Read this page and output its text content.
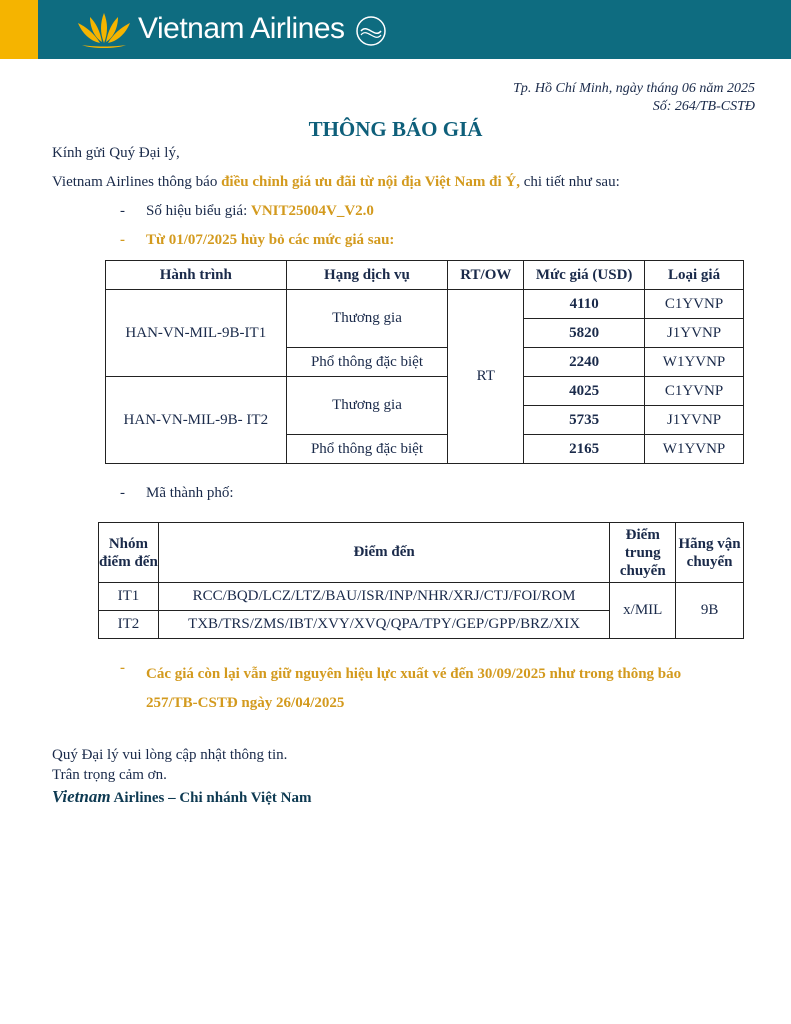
Vietnam Airlines
Tp. Hồ Chí Minh, ngày tháng 06 năm 2025
Số: 264/TB-CSTĐ
THÔNG BÁO GIÁ
Kính gửi Quý Đại lý,
Vietnam Airlines thông báo điều chỉnh giá ưu đãi từ nội địa Việt Nam đi Ý, chi tiết như sau:
- Số hiệu biểu giá: VNIT25004V_V2.0
- Từ 01/07/2025 hủy bỏ các mức giá sau:
Hành trình	Hạng dịch vụ	RT/OW	Mức giá (USD)	Loại giá
HAN-VN-MIL-9B-IT1	Thương gia	RT	4110	C1YVNP
			5820	J1YVNP
	Phổ thông đặc biệt		2240	W1YVNP
HAN-VN-MIL-9B- IT2	Thương gia		4025	C1YVNP
			5735	J1YVNP
	Phổ thông đặc biệt		2165	W1YVNP
- Mã thành phố:
Nhóm điểm đến	Điểm đến	Điểm trung chuyển	Hãng vận chuyển
IT1	RCC/BQD/LCZ/LTZ/BAU/ISR/INP/NHR/XRJ/CTJ/FOI/ROM	x/MIL	9B
IT2	TXB/TRS/ZMS/IBT/XVY/XVQ/QPA/TPY/GEP/GPP/BRZ/XIX		
- Các giá còn lại vẫn giữ nguyên hiệu lực xuất vé đến 30/09/2025 như trong thông báo
257/TB-CSTĐ ngày 26/04/2025
Quý Đại lý vui lòng cập nhật thông tin.
Trân trọng cảm ơn.
Vietnam Airlines – Chi nhánh Việt Nam
